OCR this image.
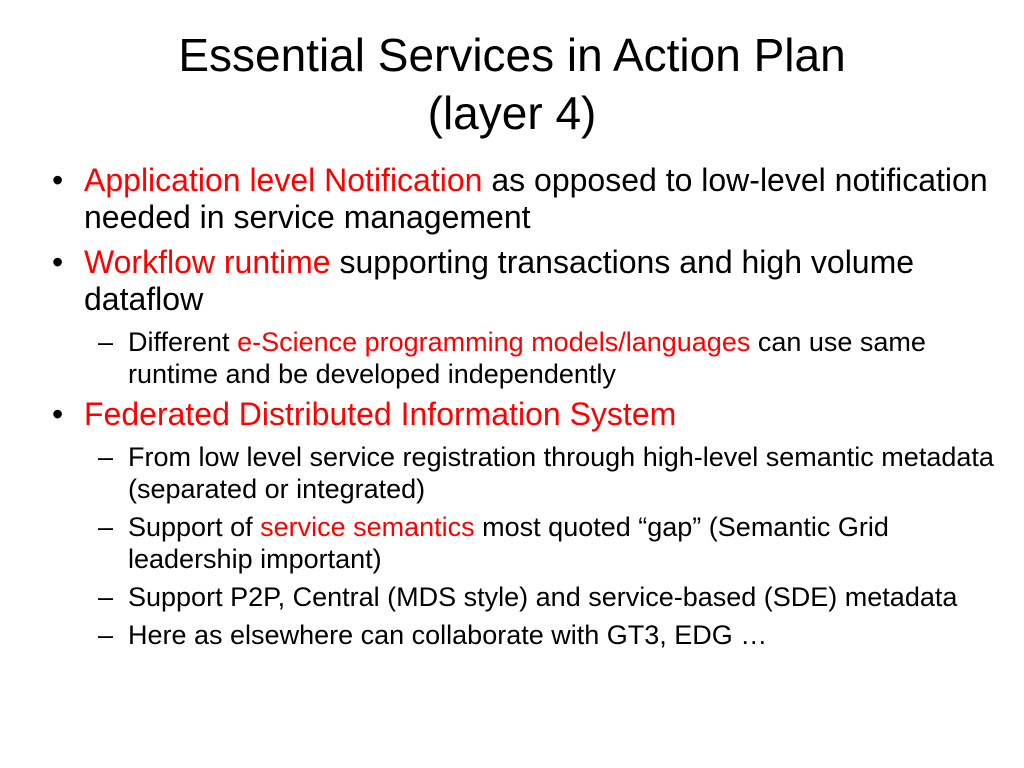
Essential Services in Action Plan
(layer 4)
• Application level Notification as opposed to low-level notification needed in service management
• Workflow runtime supporting transactions and high volume dataflow
– Different e-Science programming models/languages can use same runtime and be developed independently
• Federated Distributed Information System
– From low level service registration through high-level semantic metadata (separated or integrated)
– Support of service semantics most quoted “gap” (Semantic Grid leadership important)
– Support P2P, Central (MDS style) and service-based (SDE) metadata
– Here as elsewhere can collaborate with GT3, EDG …
